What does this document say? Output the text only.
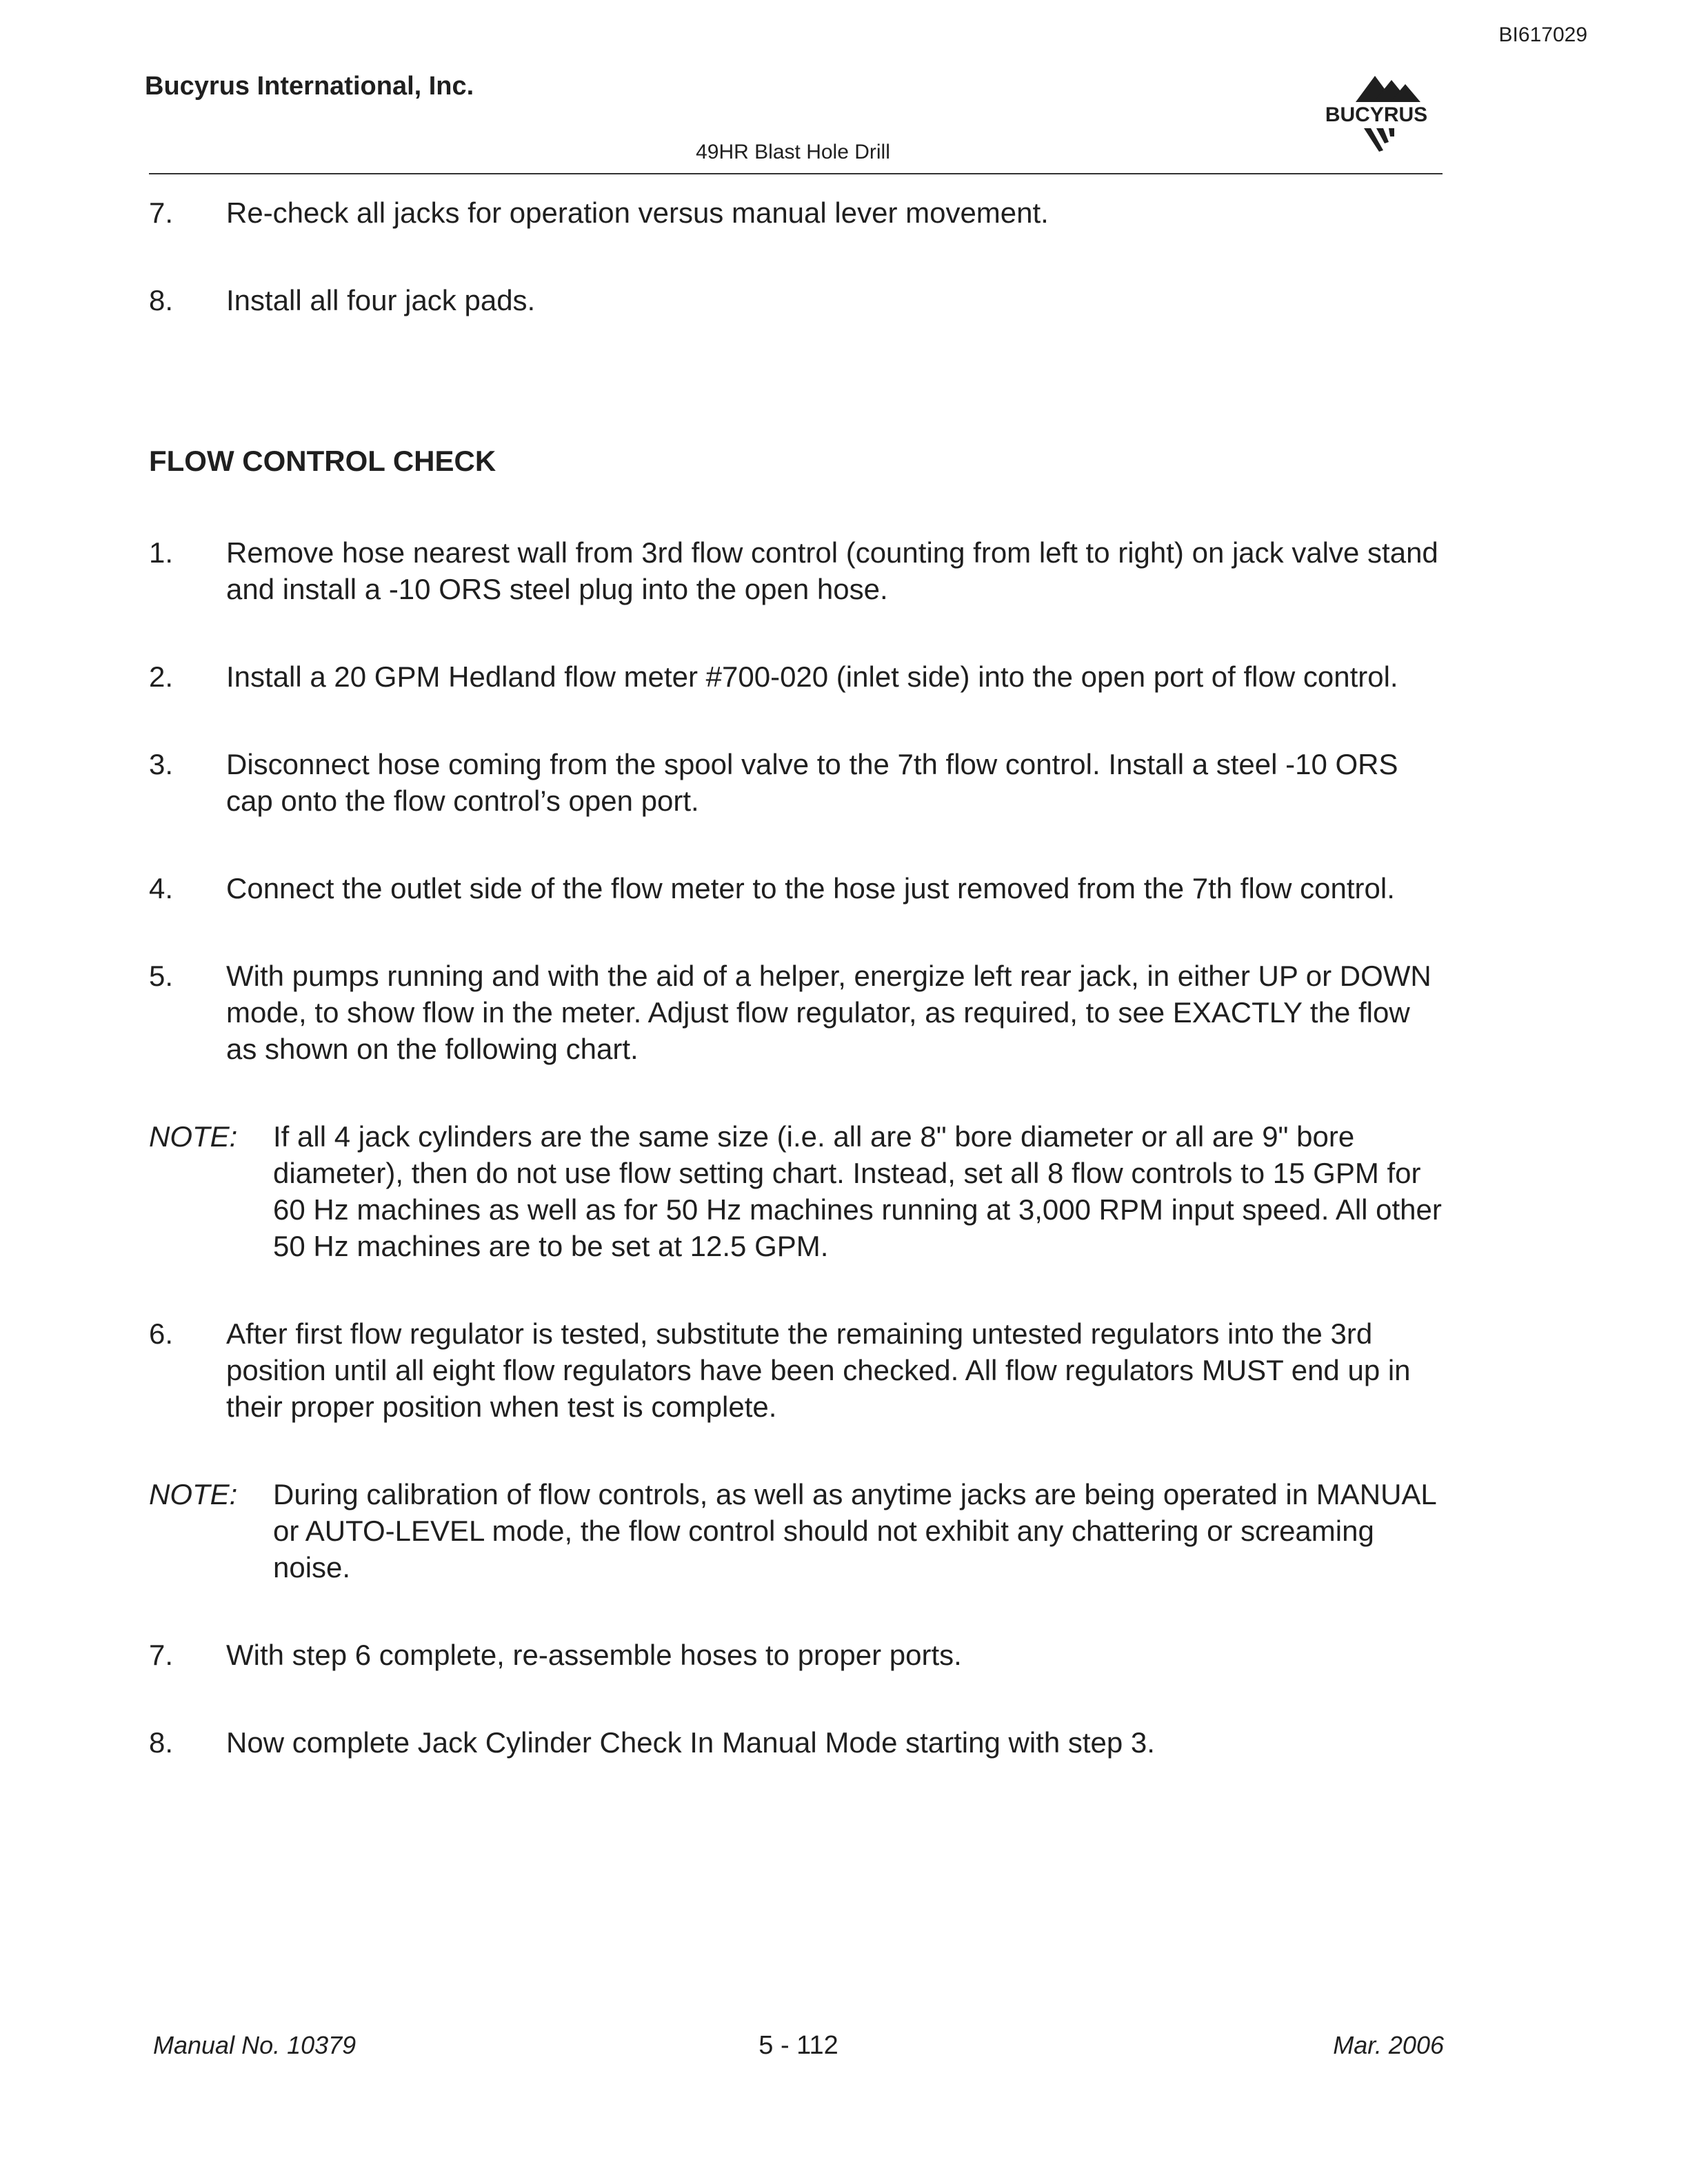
BI617029
Bucyrus International, Inc.
49HR Blast Hole Drill
BUCYRUS
7.	Re-check all jacks for operation versus manual lever movement.
8.	Install all four jack pads.
FLOW CONTROL CHECK
1.	Remove hose nearest wall from 3rd flow control (counting from left to right) on jack valve stand and install a -10 ORS steel plug into the open hose.
2.	Install a 20 GPM Hedland flow meter #700-020 (inlet side) into the open port of flow control.
3.	Disconnect hose coming from the spool valve to the 7th flow control. Install a steel -10 ORS cap onto the flow control’s open port.
4.	Connect the outlet side of the flow meter to the hose just removed from the 7th flow control.
5.	With pumps running and with the aid of a helper, energize left rear jack, in either UP or DOWN mode, to show flow in the meter. Adjust flow regulator, as required, to see EXACTLY the flow as shown on the following chart.
NOTE:	If all 4 jack cylinders are the same size (i.e. all are 8" bore diameter or all are 9" bore diameter), then do not use flow setting chart. Instead, set all 8 flow controls to 15 GPM for 60 Hz machines as well as for 50 Hz machines running at 3,000 RPM input speed. All other 50 Hz machines are to be set at 12.5 GPM.
6.	After first flow regulator is tested, substitute the remaining untested regulators into the 3rd position until all eight flow regulators have been checked. All flow regulators MUST end up in their proper position when test is complete.
NOTE:	During calibration of flow controls, as well as anytime jacks are being operated in MANUAL or AUTO-LEVEL mode, the flow control should not exhibit any chattering or screaming noise.
7.	With step 6 complete, re-assemble hoses to proper ports.
8.	Now complete Jack Cylinder Check In Manual Mode starting with step 3.
Manual No. 10379	5 - 112	Mar. 2006
